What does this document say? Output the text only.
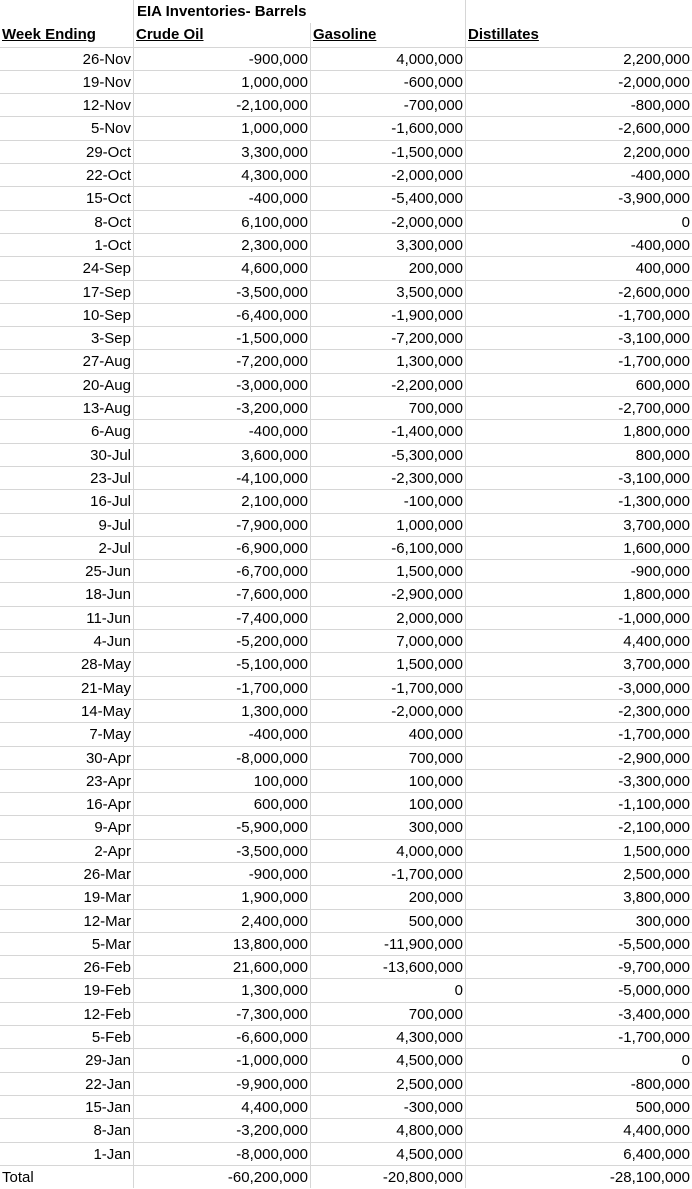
EIA Inventories- Barrels
Week Ending	Crude Oil	Gasoline	Distillates
26-Nov	-900,000	4,000,000	2,200,000
19-Nov	1,000,000	-600,000	-2,000,000
12-Nov	-2,100,000	-700,000	-800,000
5-Nov	1,000,000	-1,600,000	-2,600,000
29-Oct	3,300,000	-1,500,000	2,200,000
22-Oct	4,300,000	-2,000,000	-400,000
15-Oct	-400,000	-5,400,000	-3,900,000
8-Oct	6,100,000	-2,000,000	0
1-Oct	2,300,000	3,300,000	-400,000
24-Sep	4,600,000	200,000	400,000
17-Sep	-3,500,000	3,500,000	-2,600,000
10-Sep	-6,400,000	-1,900,000	-1,700,000
3-Sep	-1,500,000	-7,200,000	-3,100,000
27-Aug	-7,200,000	1,300,000	-1,700,000
20-Aug	-3,000,000	-2,200,000	600,000
13-Aug	-3,200,000	700,000	-2,700,000
6-Aug	-400,000	-1,400,000	1,800,000
30-Jul	3,600,000	-5,300,000	800,000
23-Jul	-4,100,000	-2,300,000	-3,100,000
16-Jul	2,100,000	-100,000	-1,300,000
9-Jul	-7,900,000	1,000,000	3,700,000
2-Jul	-6,900,000	-6,100,000	1,600,000
25-Jun	-6,700,000	1,500,000	-900,000
18-Jun	-7,600,000	-2,900,000	1,800,000
11-Jun	-7,400,000	2,000,000	-1,000,000
4-Jun	-5,200,000	7,000,000	4,400,000
28-May	-5,100,000	1,500,000	3,700,000
21-May	-1,700,000	-1,700,000	-3,000,000
14-May	1,300,000	-2,000,000	-2,300,000
7-May	-400,000	400,000	-1,700,000
30-Apr	-8,000,000	700,000	-2,900,000
23-Apr	100,000	100,000	-3,300,000
16-Apr	600,000	100,000	-1,100,000
9-Apr	-5,900,000	300,000	-2,100,000
2-Apr	-3,500,000	4,000,000	1,500,000
26-Mar	-900,000	-1,700,000	2,500,000
19-Mar	1,900,000	200,000	3,800,000
12-Mar	2,400,000	500,000	300,000
5-Mar	13,800,000	-11,900,000	-5,500,000
26-Feb	21,600,000	-13,600,000	-9,700,000
19-Feb	1,300,000	0	-5,000,000
12-Feb	-7,300,000	700,000	-3,400,000
5-Feb	-6,600,000	4,300,000	-1,700,000
29-Jan	-1,000,000	4,500,000	0
22-Jan	-9,900,000	2,500,000	-800,000
15-Jan	4,400,000	-300,000	500,000
8-Jan	-3,200,000	4,800,000	4,400,000
1-Jan	-8,000,000	4,500,000	6,400,000
Total	-60,200,000	-20,800,000	-28,100,000
